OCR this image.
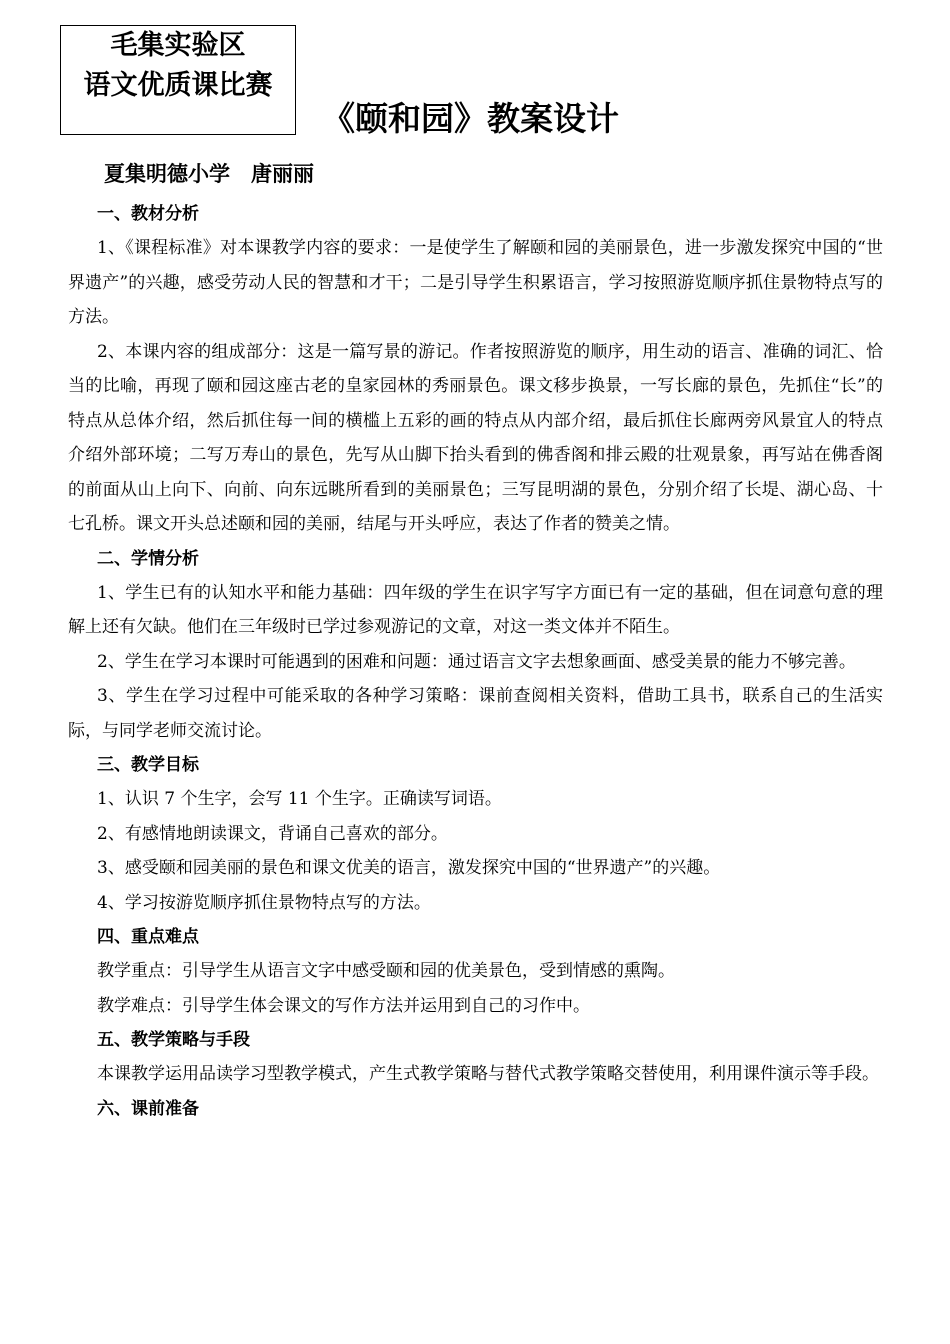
毛集实验区
语文优质课比赛
《颐和园》教案设计
夏集明德小学　唐丽丽
一、教材分析

1、《课程标准》对本课教学内容的要求：一是使学生了解颐和园的美丽景色，进一步激发探究中国的“世界遗产”的兴趣，感受劳动人民的智慧和才干；二是引导学生积累语言，学习按照游览顺序抓住景物特点写的方法。

2、本课内容的组成部分：这是一篇写景的游记。作者按照游览的顺序，用生动的语言、准确的词汇、恰当的比喻，再现了颐和园这座古老的皇家园林的秀丽景色。课文移步换景，一写长廊的景色，先抓住“长”的特点从总体介绍，然后抓住每一间的横槛上五彩的画的特点从内部介绍，最后抓住长廊两旁风景宜人的特点介绍外部环境；二写万寿山的景色，先写从山脚下抬头看到的佛香阁和排云殿的壮观景象，再写站在佛香阁的前面从山上向下、向前、向东远眺所看到的美丽景色；三写昆明湖的景色，分别介绍了长堤、湖心岛、十七孔桥。课文开头总述颐和园的美丽，结尾与开头呼应，表达了作者的赞美之情。

二、学情分析

1、学生已有的认知水平和能力基础：四年级的学生在识字写字方面已有一定的基础，但在词意句意的理解上还有欠缺。他们在三年级时已学过参观游记的文章，对这一类文体并不陌生。

2、学生在学习本课时可能遇到的困难和问题：通过语言文字去想象画面、感受美景的能力不够完善。

3、学生在学习过程中可能采取的各种学习策略：课前查阅相关资料，借助工具书，联系自己的生活实际，与同学老师交流讨论。

三、教学目标

1、认识 7 个生字，会写 11 个生字。正确读写词语。

2、有感情地朗读课文，背诵自己喜欢的部分。

3、感受颐和园美丽的景色和课文优美的语言，激发探究中国的“世界遗产”的兴趣。

4、学习按游览顺序抓住景物特点写的方法。

四、重点难点

教学重点：引导学生从语言文字中感受颐和园的优美景色，受到情感的熏陶。

教学难点：引导学生体会课文的写作方法并运用到自己的习作中。

五、教学策略与手段

本课教学运用品读学习型教学模式，产生式教学策略与替代式教学策略交替使用，利用课件演示等手段。

六、课前准备
